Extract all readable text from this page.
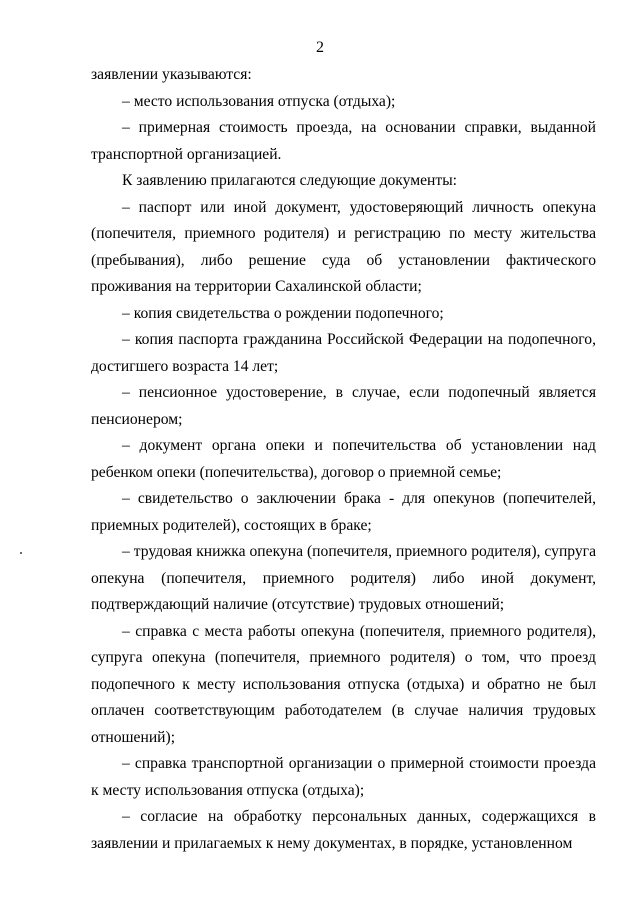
2

заявлении указываются:

– место использования отпуска (отдыха);

– примерная стоимость проезда, на основании справки, выданной транспортной организацией.

К заявлению прилагаются следующие документы:

– паспорт или иной документ, удостоверяющий личность опекуна (попечителя, приемного родителя) и регистрацию по месту жительства (пребывания), либо решение суда об установлении фактического проживания на территории Сахалинской области;

– копия свидетельства о рождении подопечного;

– копия паспорта гражданина Российской Федерации на подопечного, достигшего возраста 14 лет;

– пенсионное удостоверение, в случае, если подопечный является пенсионером;

– документ органа опеки и попечительства об установлении над ребенком опеки (попечительства), договор о приемной семье;

– свидетельство о заключении брака - для опекунов (попечителей, приемных родителей), состоящих в браке;

– трудовая книжка опекуна (попечителя, приемного родителя), супруга опекуна (попечителя, приемного родителя) либо иной документ, подтверждающий наличие (отсутствие) трудовых отношений;

– справка с места работы опекуна (попечителя, приемного родителя), супруга опекуна (попечителя, приемного родителя) о том, что проезд подопечного к месту использования отпуска (отдыха) и обратно не был оплачен соответствующим работодателем (в случае наличия трудовых отношений);

– справка транспортной организации о примерной стоимости проезда к месту использования отпуска (отдыха);

– согласие на обработку персональных данных, содержащихся в заявлении и прилагаемых к нему документах, в порядке, установленном
